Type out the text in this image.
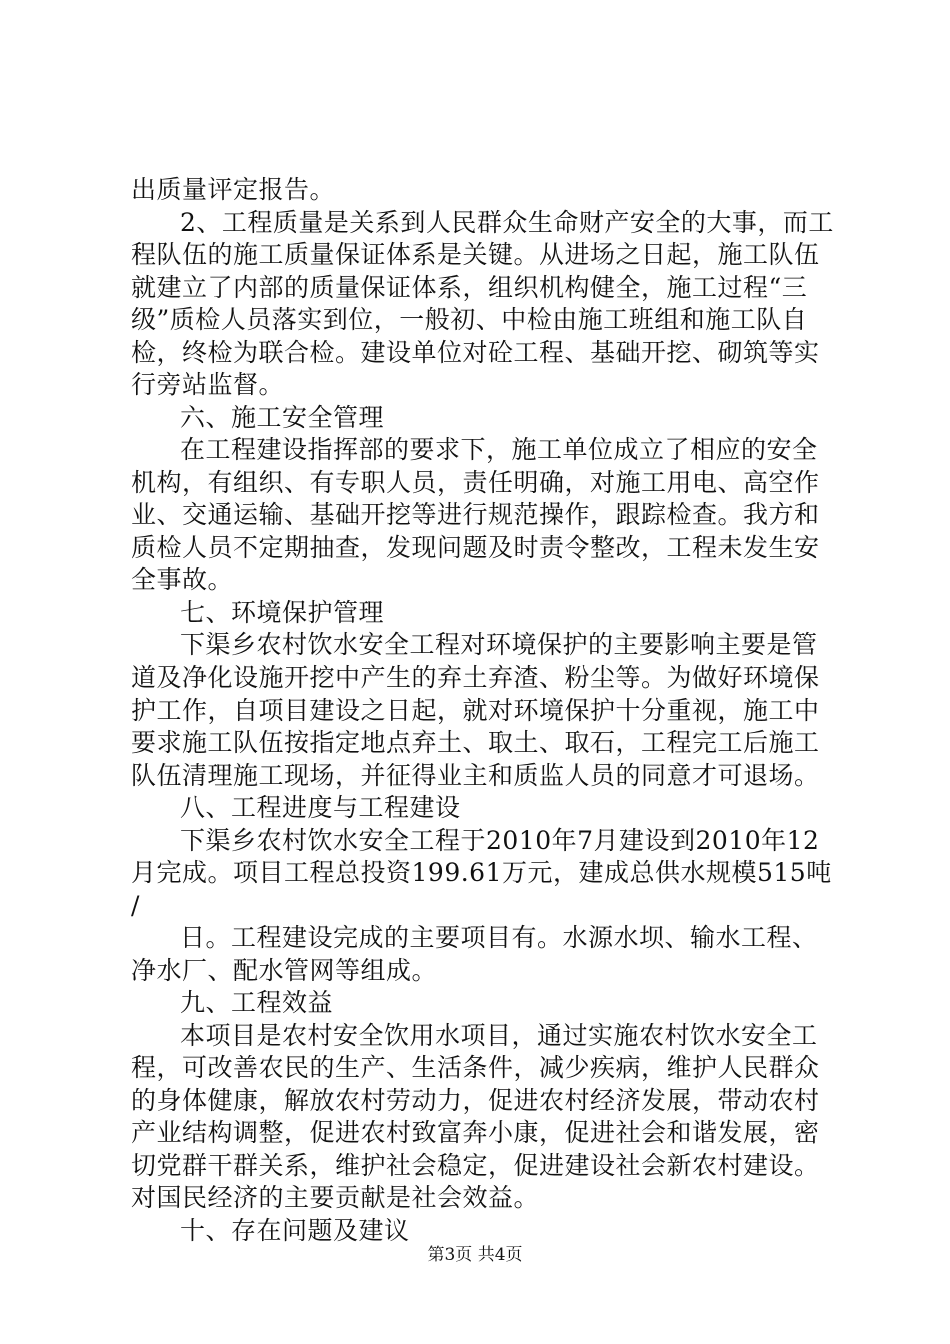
出质量评定报告。
2、工程质量是关系到人民群众生命财产安全的大事，而工
程队伍的施工质量保证体系是关键。从进场之日起，施工队伍
就建立了内部的质量保证体系，组织机构健全，施工过程“三
级”质检人员落实到位，一般初、中检由施工班组和施工队自
检，终检为联合检。建设单位对砼工程、基础开挖、砌筑等实
行旁站监督。
六、施工安全管理
在工程建设指挥部的要求下，施工单位成立了相应的安全
机构，有组织、有专职人员，责任明确，对施工用电、高空作
业、交通运输、基础开挖等进行规范操作，跟踪检查。我方和
质检人员不定期抽查，发现问题及时责令整改，工程未发生安
全事故。
七、环境保护管理
下渠乡农村饮水安全工程对环境保护的主要影响主要是管
道及净化设施开挖中产生的弃土弃渣、粉尘等。为做好环境保
护工作，自项目建设之日起，就对环境保护十分重视，施工中
要求施工队伍按指定地点弃土、取土、取石，工程完工后施工
队伍清理施工现场，并征得业主和质监人员的同意才可退场。
八、工程进度与工程建设
下渠乡农村饮水安全工程于2010年7月建设到2010年12
月完成。项目工程总投资199.61万元，建成总供水规模515吨
/
日。工程建设完成的主要项目有。水源水坝、输水工程、
净水厂、配水管网等组成。
九、工程效益
本项目是农村安全饮用水项目，通过实施农村饮水安全工
程，可改善农民的生产、生活条件，减少疾病，维护人民群众
的身体健康，解放农村劳动力，促进农村经济发展，带动农村
产业结构调整，促进农村致富奔小康，促进社会和谐发展，密
切党群干群关系，维护社会稳定，促进建设社会新农村建设。
对国民经济的主要贡献是社会效益。
十、存在问题及建议
第3页 共4页
